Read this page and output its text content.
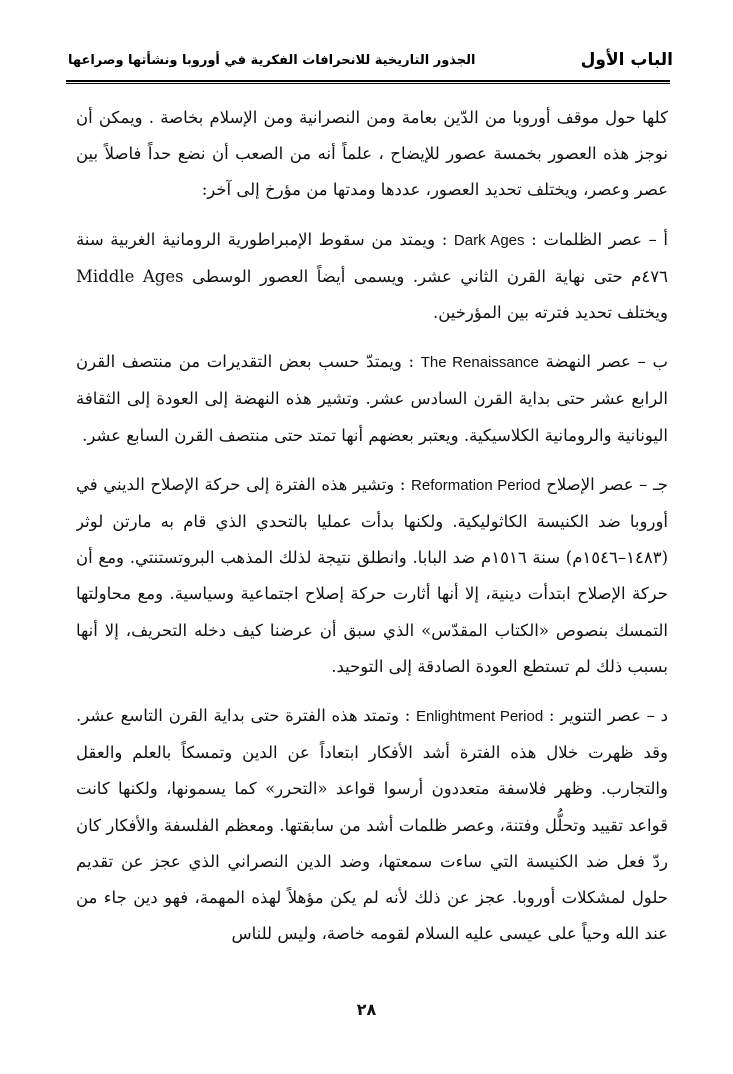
الجذور التاريخية للانحرافات الفكرية في أوروبا ونشأتها وصراعها	الباب الأول

كلها حول موقف أوروبا من الدّين بعامة ومن النصرانية ومن الإسلام بخاصة . ويمكن أن نوجز هذه العصور بخمسة عصور للإيضاح ، علماً أنه من الصعب أن نضع حداً فاصلاً بين عصر وعصر، ويختلف تحديد العصور، عددها ومدتها من مؤرخ إلى آخر:

أ – عصر الظلمات : Dark Ages : ويمتد من سقوط الإمبراطورية الرومانية الغربية سنة ٤٧٦م حتى نهاية القرن الثاني عشر. ويسمى أيضاً العصور الوسطى Middle Ages ويختلف تحديد فترته بين المؤرخين.

ب – عصر النهضة The Renaissance : ويمتدّ حسب بعض التقديرات من منتصف القرن الرابع عشر حتى بداية القرن السادس عشر. وتشير هذه النهضة إلى العودة إلى الثقافة اليونانية والرومانية الكلاسيكية. ويعتبر بعضهم أنها تمتد حتى منتصف القرن السابع عشر.

جـ – عصر الإصلاح Reformation Period : وتشير هذه الفترة إلى حركة الإصلاح الديني في أوروبا ضد الكنيسة الكاثوليكية. ولكنها بدأت عمليا بالتحدي الذي قام به مارتن لوثر (١٤٨٣–١٥٤٦م) سنة ١٥١٦م ضد البابا. وانطلق نتيجة لذلك المذهب البروتستنتي. ومع أن حركة الإصلاح ابتدأت دينية، إلا أنها أثارت حركة إصلاح اجتماعية وسياسية. ومع محاولتها التمسك بنصوص «الكتاب المقدّس» الذي سبق أن عرضنا كيف دخله التحريف، إلا أنها بسبب ذلك لم تستطع العودة الصادقة إلى التوحيد.

د – عصر التنوير : Enlightment Period : وتمتد هذه الفترة حتى بداية القرن التاسع عشر. وقد ظهرت خلال هذه الفترة أشد الأفكار ابتعاداً عن الدين وتمسكاً بالعلم والعقل والتجارب. وظهر فلاسفة متعددون أرسوا قواعد «التحرر» كما يسمونها، ولكنها كانت قواعد تقييد وتحلُّل وفتنة، وعصر ظلمات أشد من سابقتها. ومعظم الفلسفة والأفكار كان ردّ فعل ضد الكنيسة التي ساءت سمعتها، وضد الدين النصراني الذي عجز عن تقديم حلول لمشكلات أوروبا. عجز عن ذلك لأنه لم يكن مؤهلاً لهذه المهمة، فهو دين جاء من عند الله وحياً على عيسى عليه السلام لقومه خاصة، وليس للناس

٢٨
